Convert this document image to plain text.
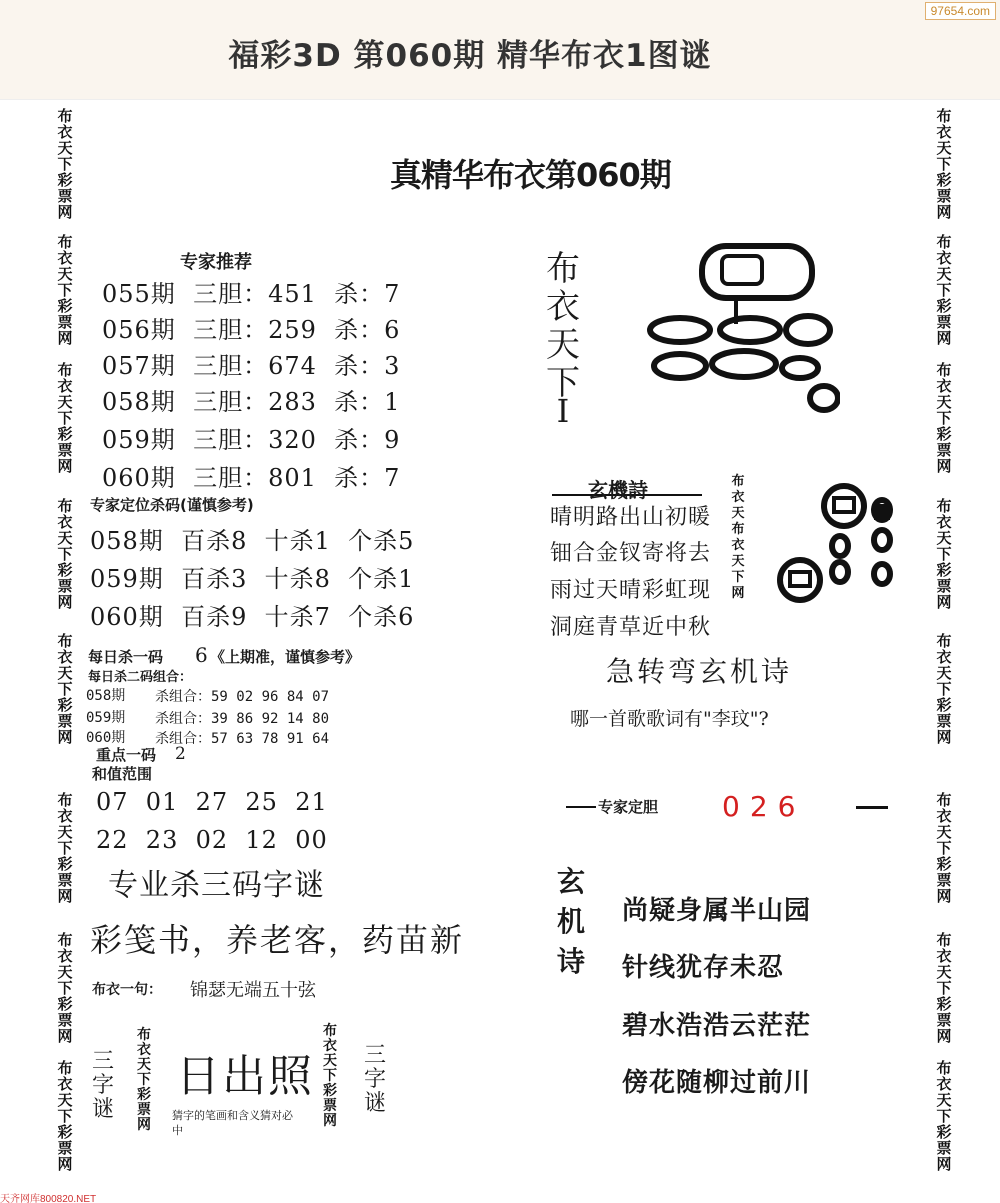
福彩3D 第060期 精华布衣1图谜
97654.com
布衣天下彩票网
布衣天下彩票网
布衣天下彩票网
布衣天下彩票网
布衣天下彩票网
布衣天下彩票网
布衣天下彩票网
布衣天下彩票网
布衣天下彩票网
布衣天下彩票网
布衣天下彩票网
布衣天下彩票网
布衣天下彩票网
布衣天下彩票网
布衣天下彩票网
布衣天下彩票网
真精华布衣第060期
专家推荐
055期  三胆：451  杀：7
056期  三胆：259  杀：6
057期  三胆：674  杀：3
058期  三胆：283  杀：1
059期  三胆：320  杀：9
060期  三胆：801  杀：7
专家定位杀码(谨慎参考)
058期  百杀8  十杀1  个杀5
059期  百杀3  十杀8  个杀1
060期  百杀9  十杀7  个杀6
每日杀一码 6 《上期准，谨慎参考》
每日杀二码组合：
058期 杀组合：59 02 96 84 07
059期 杀组合：39 86 92 14 80
060期 杀组合：57 63 78 91 64
重点一码 2
和值范围
07  01  27  25  21
22  23  02  12  00
专业杀三码字谜
彩笺书，养老客，药苗新
布衣一句： 锦瑟无端五十弦
三字谜
布衣天下彩票网
日出照
猜字的笔画和含义猜对必中
布衣天下彩票网
三字谜
布衣天下
I
玄機詩
晴明路出山初暖
钿合金钗寄将去
雨过天晴彩虹现
洞庭青草近中秋
布衣天布衣天下网
急转弯玄机诗
哪一首歌歌词有"李玟"?
专家定胆 026
玄机诗
尚疑身属半山园
针线犹存未忍
碧水浩浩云茫茫
傍花随柳过前川
天齐网库800820.NET
